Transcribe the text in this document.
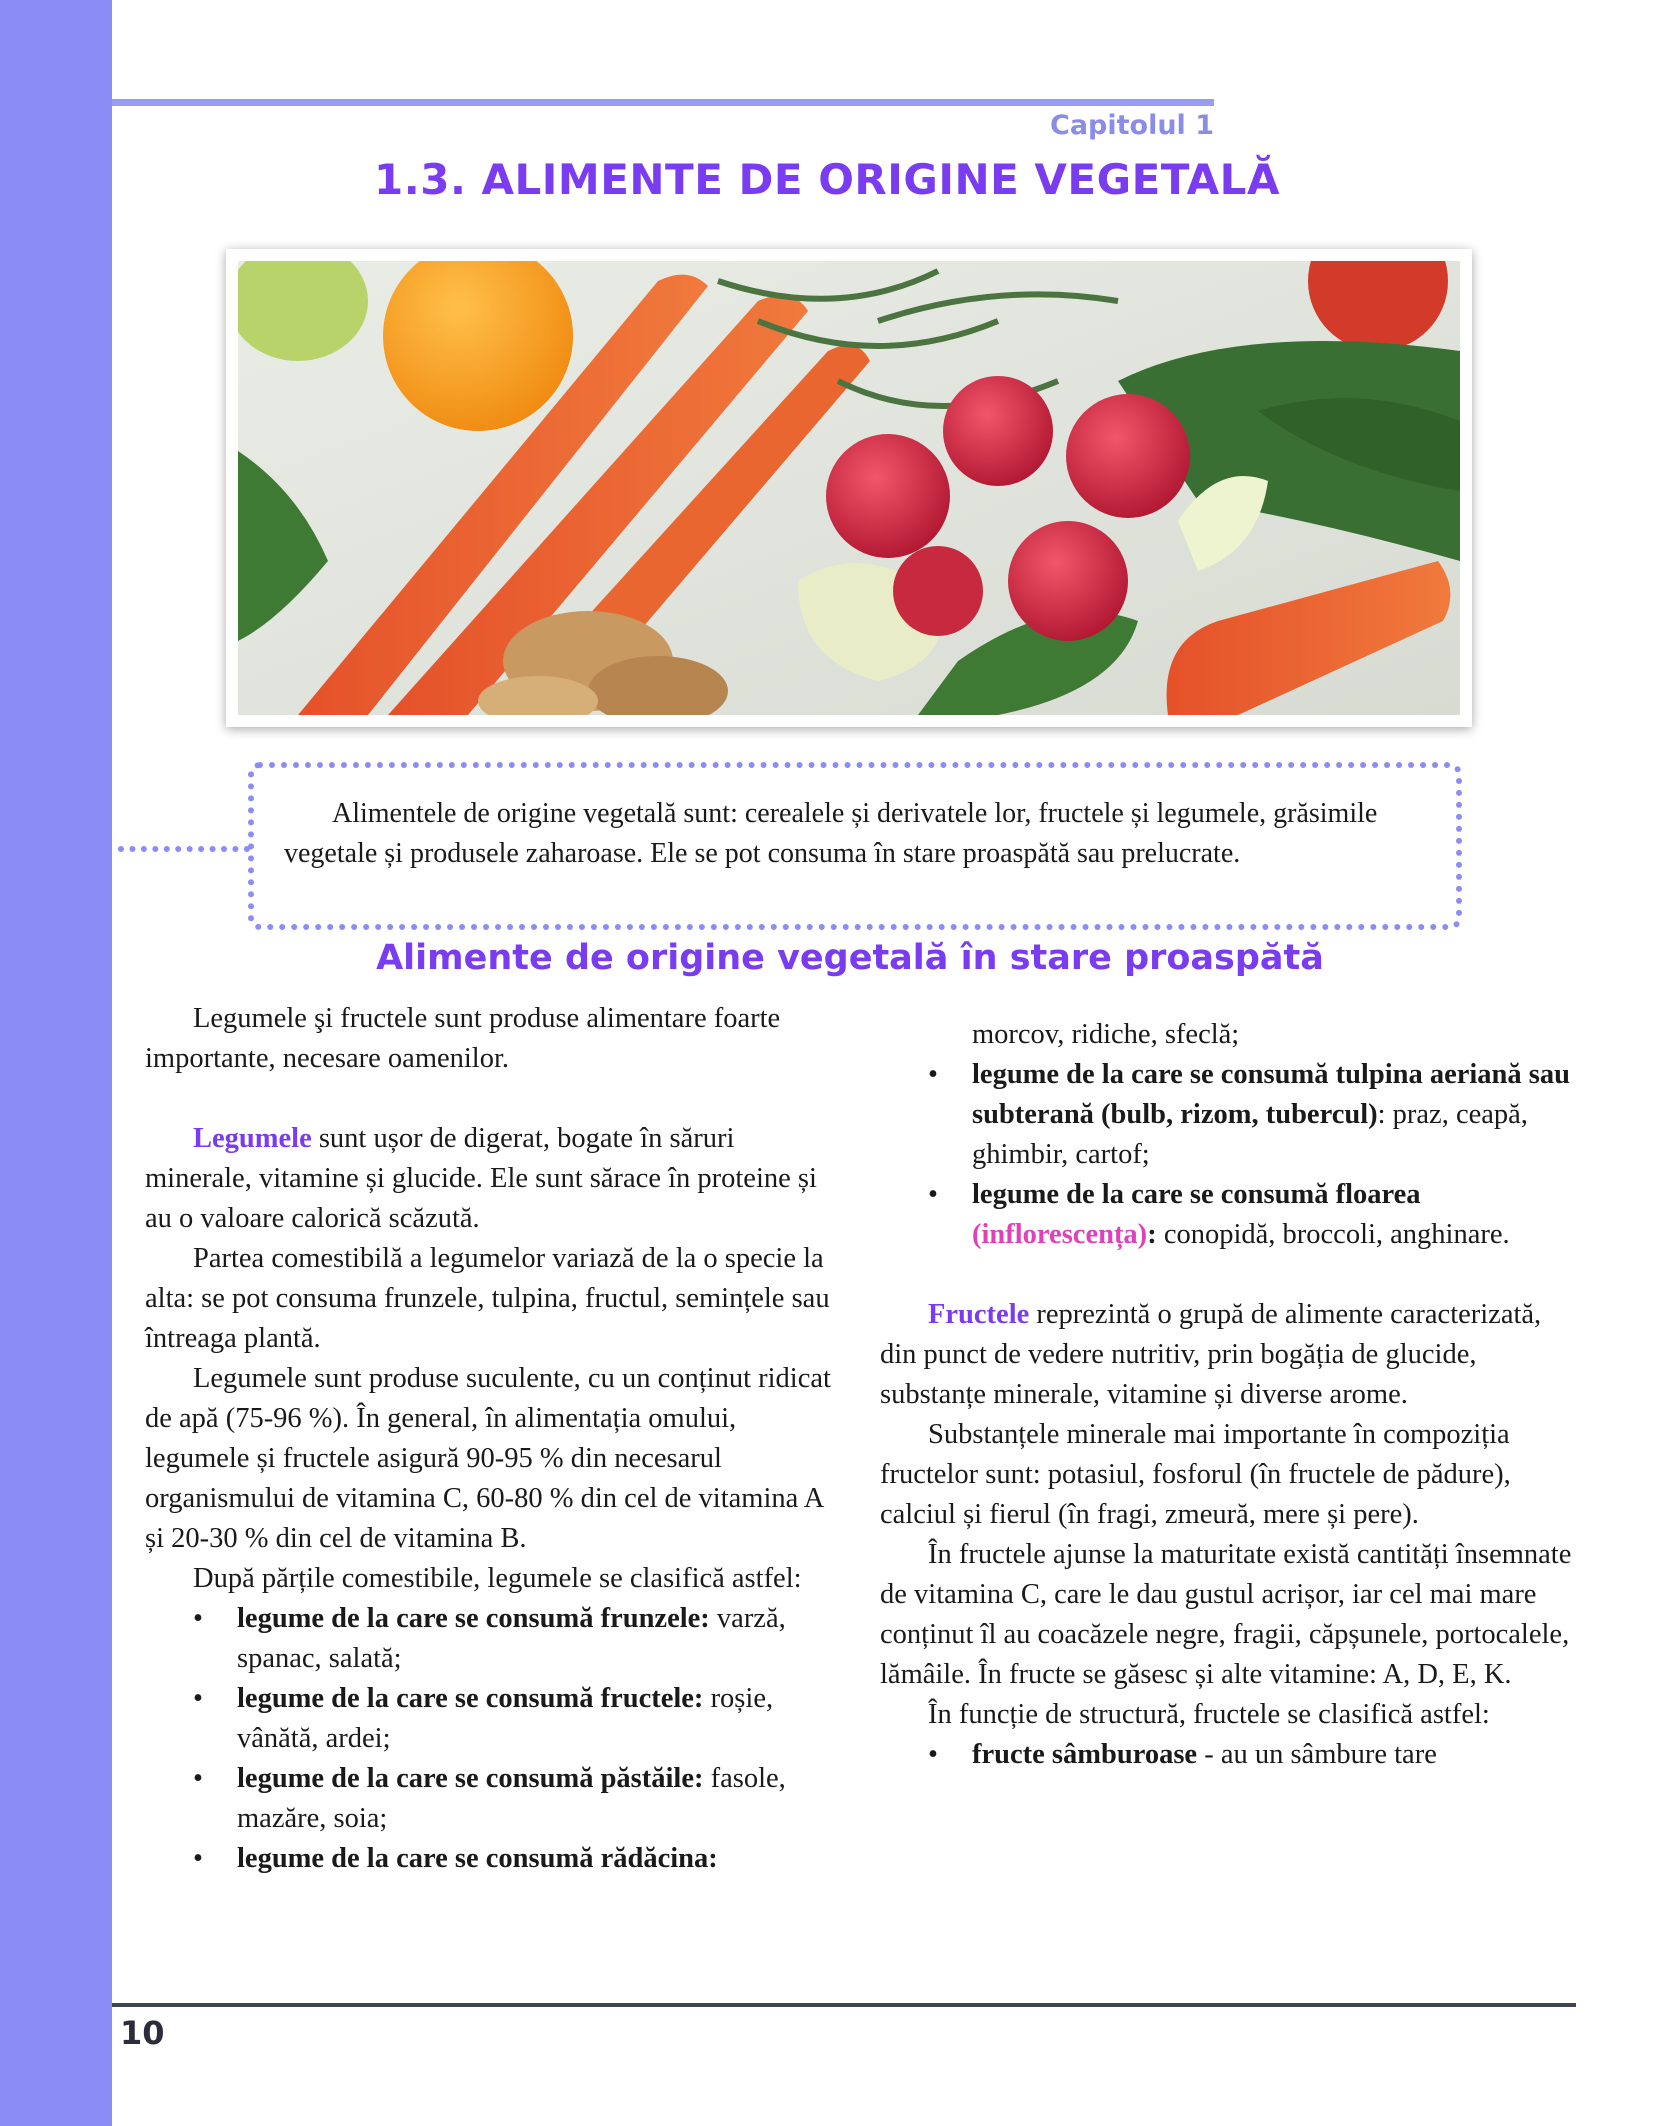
Capitolul 1
1.3. ALIMENTE DE ORIGINE VEGETALĂ

Alimentele de origine vegetală sunt: cerealele și derivatele lor, fructele și legumele, grăsimile vegetale și produsele zaharoase. Ele se pot consuma în stare proaspătă sau prelucrate.

Alimente de origine vegetală în stare proaspătă

Legumele şi fructele sunt produse alimentare foarte importante, necesare oamenilor.

Legumele sunt ușor de digerat, bogate în săruri minerale, vitamine și glucide. Ele sunt sărace în proteine și au o valoare calorică scăzută.

Partea comestibilă a legumelor variază de la o specie la alta: se pot consuma frunzele, tulpina, fructul, semințele sau întreaga plantă.

Legumele sunt produse suculente, cu un conținut ridicat de apă (75-96 %). În general, în alimentația omului, legumele și fructele asigură 90-95 % din necesarul organismului de vitamina C, 60-80 % din cel de vitamina A și 20-30 % din cel de vitamina B.

După părțile comestibile, legumele se clasifică astfel:

• legume de la care se consumă frunzele: varză, spanac, salată;
• legume de la care se consumă fructele: roșie, vânătă, ardei;
• legume de la care se consumă păstăile: fasole, mazăre, soia;
• legume de la care se consumă rădăcina:

morcov, ridiche, sfeclă;

• legume de la care se consumă tulpina aeriană sau subterană (bulb, rizom, tubercul): praz, ceapă, ghimbir, cartof;
• legume de la care se consumă floarea (inflorescența): conopidă, broccoli, anghinare.

Fructele reprezintă o grupă de alimente caracterizată, din punct de vedere nutritiv, prin bogăția de glucide, substanțe minerale, vitamine și diverse arome.

Substanțele minerale mai importante în compoziția fructelor sunt: potasiul, fosforul (în fructele de pădure), calciul și fierul (în fragi, zmeură, mere și pere).

În fructele ajunse la maturitate există cantități însemnate de vitamina C, care le dau gustul acrișor, iar cel mai mare conținut îl au coacăzele negre, fragii, căpșunele, portocalele, lămâile. În fructe se găsesc și alte vitamine: A, D, E, K.

În funcție de structură, fructele se clasifică astfel:

• fructe sâmburoase - au un sâmbure tare
10
